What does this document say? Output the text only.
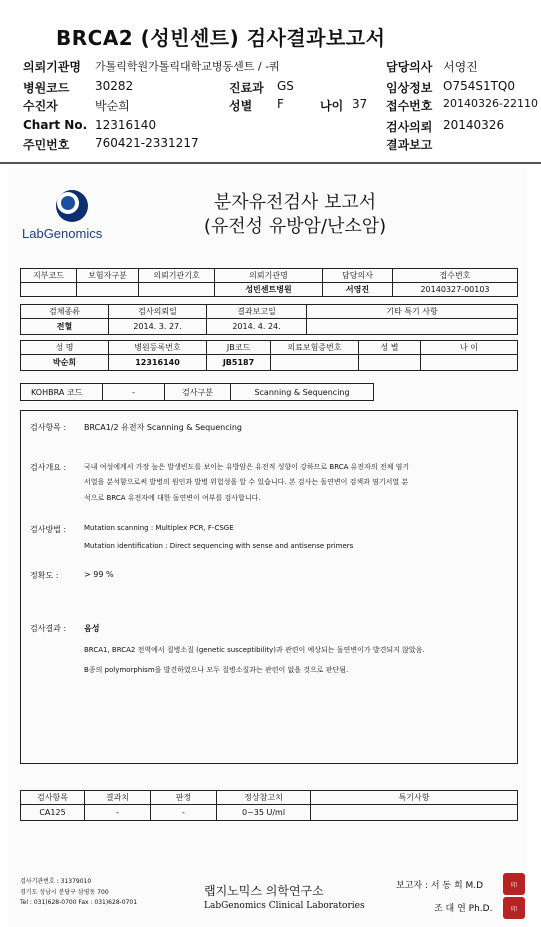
BRCA2 (성빈센트) 검사결과보고서
의뢰기관명 가톨릭학원가톨릭대학교병동센트 / -쿼	담당의사 서영진
병원코드 30282	진료과 GS	임상정보 O754S1TQ0
수진자	박순희	성별 F	나이 37 접수번호 20140326-22110
Chart No. 12316140	검사의뢰 20140326
주민번호 760421-2331217	결과보고
LabGenomics
분자유전검사 보고서
(유전성 유방암/난소암)
지부코드	보험자구분	의뢰기관기호	의뢰기관명	담당의사	접수번호
			성빈센트병원	서영진	20140327-00103
검체종류	검사의뢰일	결과보고일	기타 특기 사항
전혈	2014. 3. 27.	2014. 4. 24.	
성 명	병원등록번호	JB코드	의료보험증번호	성 별	나 이
박순희	12316140	JB5187			
KOHBRA 코드	-	검사구분	Scanning & Sequencing
검사항목 : BRCA1/2 유전자 Scanning & Sequencing
검사개요 :	국내 여성에게서 가장 높은 발생빈도를 보이는 유방암은 유전적 성향이 강하므로 BRCA 유전자의 전체 염기
서열을 분석함으로써 발병의 원인과 발병 위험성을 알 수 있습니다. 본 검사는 돌연변이 검색과 염기서열 분
석으로 BRCA 유전자에 대한 돌연변이 여부를 검사합니다.
검사방법 :	Mutation scanning : Multiplex PCR, F-CSGE
Mutation identification : Direct sequencing with sense and antisense primers
정확도 :	> 99 %
검사결과 : 음성
BRCA1, BRCA2 전역에서 질병소질 (genetic susceptibility)과 관련이 예상되는 돌연변이가 발견되지 않았음.
B종의 polymorphism을 발견하였으나 모두 질병소질과는 관련이 없을 것으로 판단됨.
검사항목	결과치	판정	정상참고치	특기사항
CA125	-	-	0~35 U/ml	
검사기관번호 : 31379010
경기도 성남시 분당구 삼평동 700
Tel : 031)628-0700 Fax : 031)628-0701
랩지노믹스 의학연구소
LabGenomics Clinical Laboratories
보고자 : 서 동 희 M.D
조 대 연 Ph.D.
印
印
